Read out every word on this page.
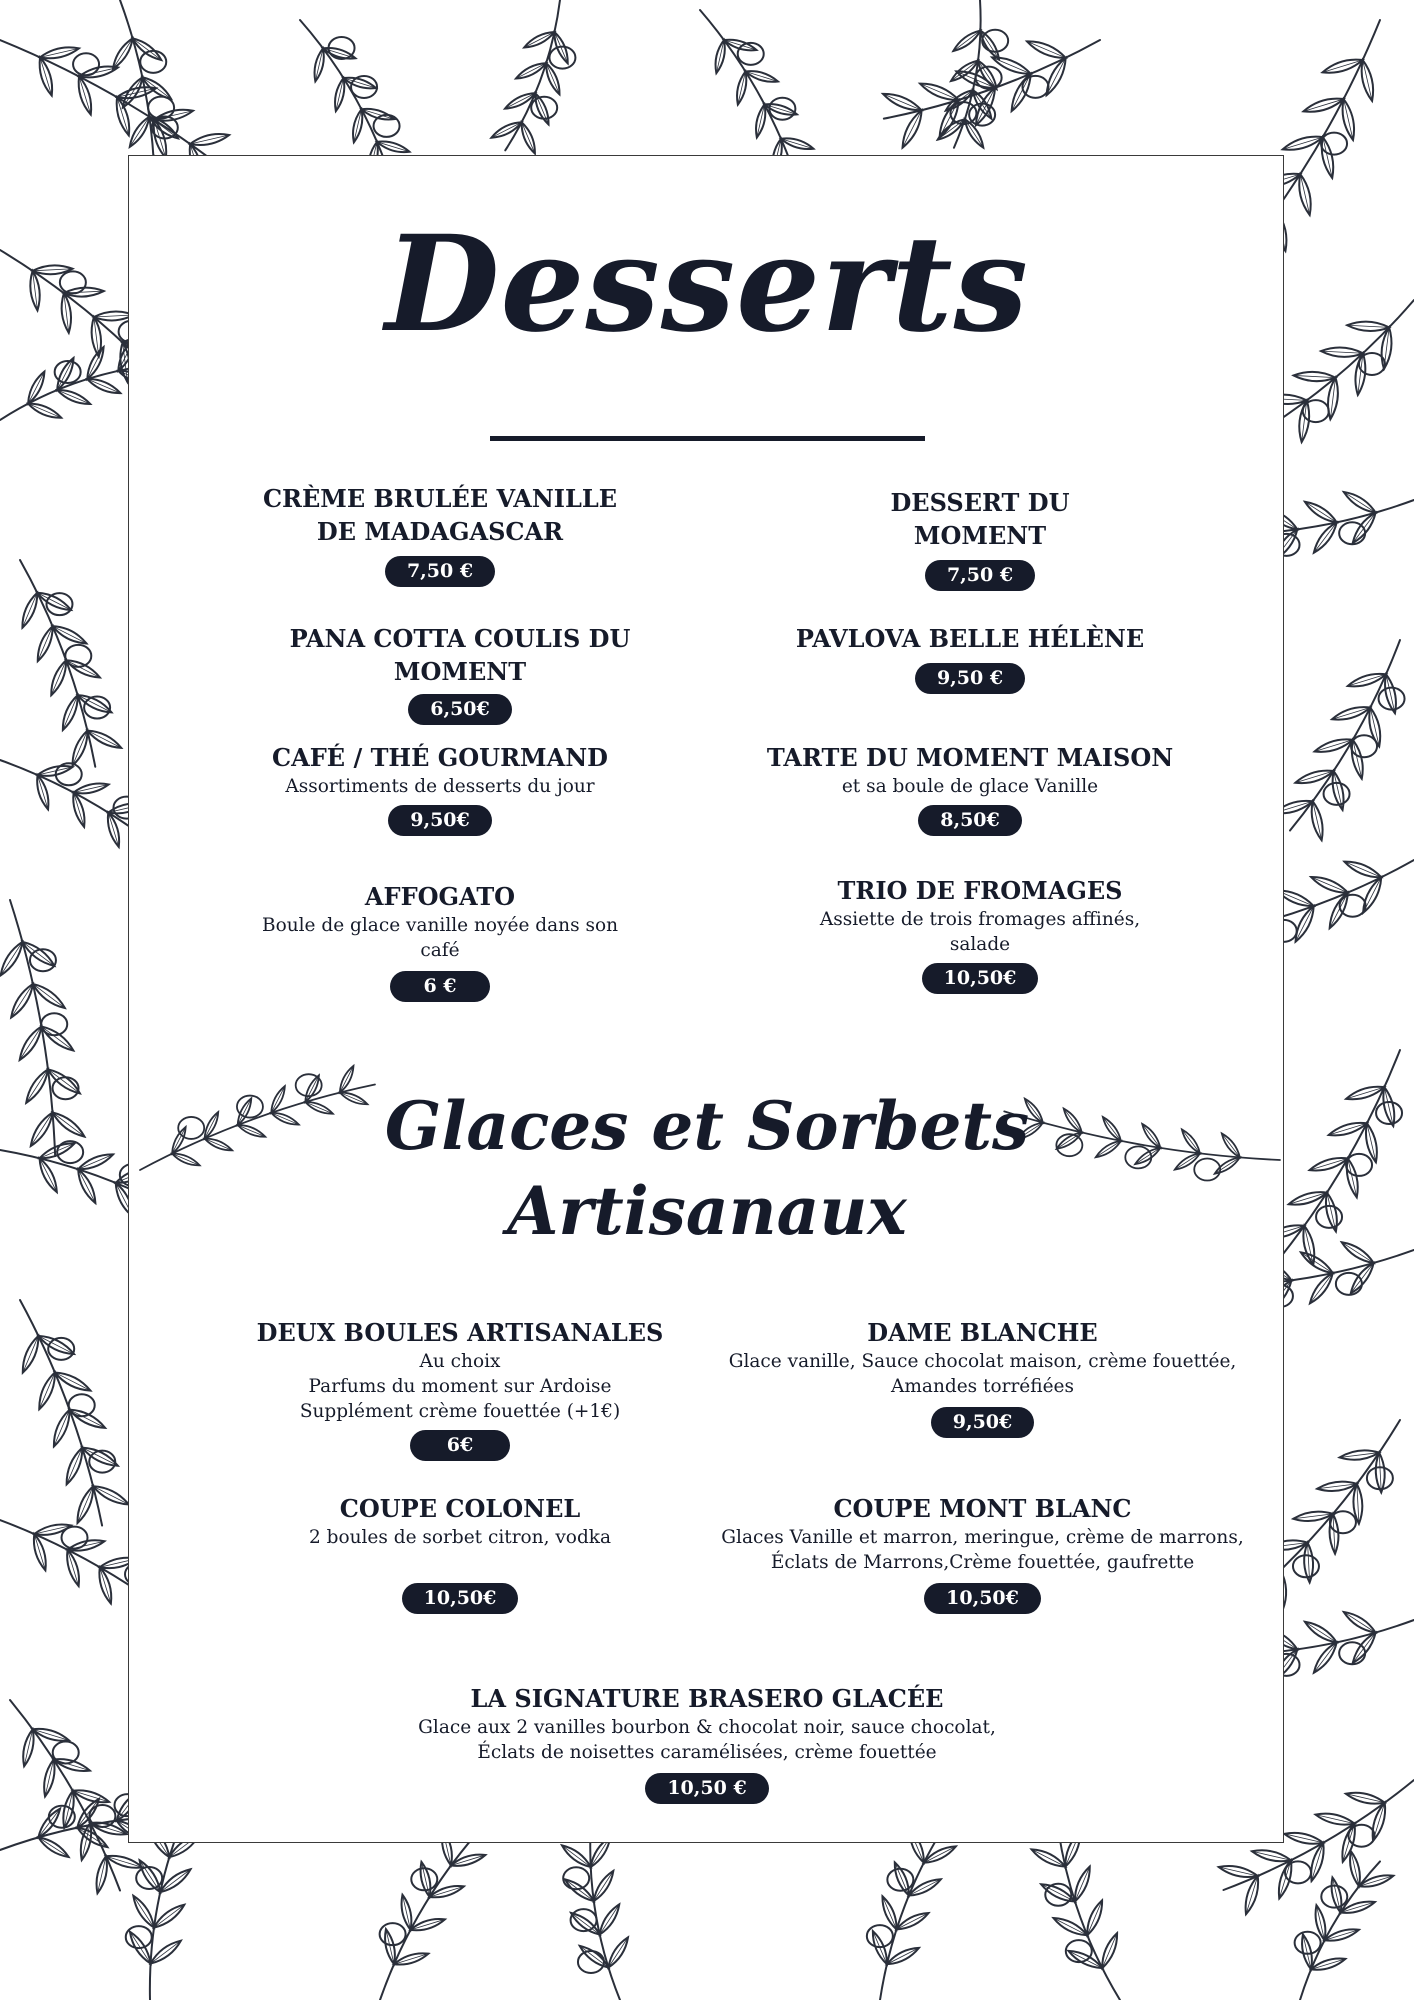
Desserts
CRÈME BRULÉE VANILLE DE MADAGASCAR
7,50 €
DESSERT DU MOMENT
7,50 €
PANA COTTA COULIS DU MOMENT
6,50€
PAVLOVA BELLE HÉLÈNE
9,50 €
CAFÉ / THÉ GOURMAND
Assortiments de desserts du jour
9,50€
TARTE DU MOMENT MAISON
et sa boule de glace Vanille
8,50€
AFFOGATO
Boule de glace vanille noyée dans son café
6 €
TRIO DE FROMAGES
Assiette de trois fromages affinés, salade
10,50€
Glaces et Sorbets
Artisanaux
DEUX BOULES ARTISANALES
Au choix
Parfums du moment sur Ardoise
Supplément crème fouettée (+1€)
6€
DAME BLANCHE
Glace vanille, Sauce chocolat maison, crème fouettée,
Amandes torréfiées
9,50€
COUPE COLONEL
2 boules de sorbet citron, vodka
10,50€
COUPE MONT BLANC
Glaces Vanille et marron, meringue, crème de marrons,
Éclats de Marrons,Crème fouettée, gaufrette
10,50€
LA SIGNATURE BRASERO GLACÉE
Glace aux 2 vanilles bourbon & chocolat noir, sauce chocolat,
Éclats de noisettes caramélisées, crème fouettée
10,50 €
